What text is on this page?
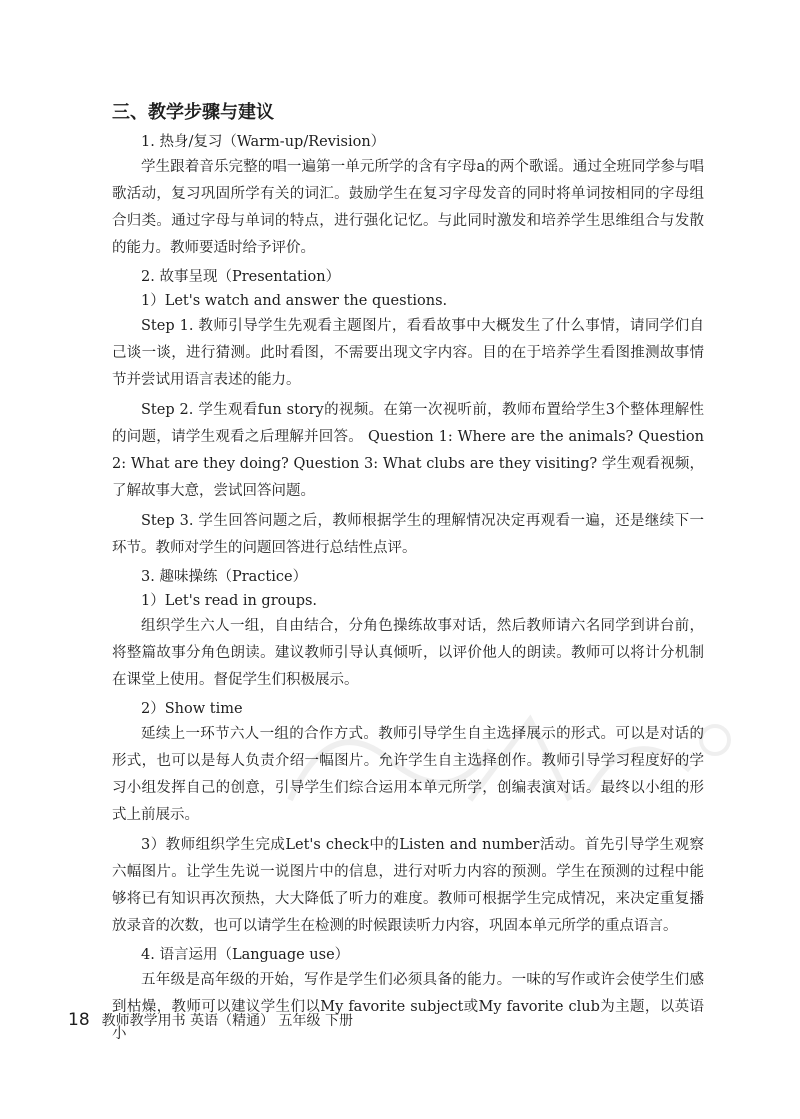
三、教学步骤与建议

1. 热身/复习（Warm-up/Revision）

学生跟着音乐完整的唱一遍第一单元所学的含有字母a的两个歌谣。通过全班同学参与唱歌活动，复习巩固所学有关的词汇。鼓励学生在复习字母发音的同时将单词按相同的字母组合归类。通过字母与单词的特点，进行强化记忆。与此同时激发和培养学生思维组合与发散的能力。教师要适时给予评价。

2. 故事呈现（Presentation）

1）Let's watch and answer the questions.

Step 1. 教师引导学生先观看主题图片，看看故事中大概发生了什么事情，请同学们自己谈一谈，进行猜测。此时看图，不需要出现文字内容。目的在于培养学生看图推测故事情节并尝试用语言表述的能力。

Step 2. 学生观看fun story的视频。在第一次视听前，教师布置给学生3个整体理解性的问题，请学生观看之后理解并回答。 Question 1: Where are the animals? Question 2: What are they doing? Question 3: What clubs are they visiting? 学生观看视频，了解故事大意，尝试回答问题。

Step 3. 学生回答问题之后，教师根据学生的理解情况决定再观看一遍，还是继续下一环节。教师对学生的问题回答进行总结性点评。

3. 趣味操练（Practice）

1）Let's read in groups.

组织学生六人一组，自由结合，分角色操练故事对话，然后教师请六名同学到讲台前，将整篇故事分角色朗读。建议教师引导认真倾听，以评价他人的朗读。教师可以将计分机制在课堂上使用。督促学生们积极展示。

2）Show time

延续上一环节六人一组的合作方式。教师引导学生自主选择展示的形式。可以是对话的形式，也可以是每人负责介绍一幅图片。允许学生自主选择创作。教师引导学习程度好的学习小组发挥自己的创意，引导学生们综合运用本单元所学，创编表演对话。最终以小组的形式上前展示。

3）教师组织学生完成Let's check中的Listen and number活动。首先引导学生观察六幅图片。让学生先说一说图片中的信息，进行对听力内容的预测。学生在预测的过程中能够将已有知识再次预热，大大降低了听力的难度。教师可根据学生完成情况，来决定重复播放录音的次数，也可以请学生在检测的时候跟读听力内容，巩固本单元所学的重点语言。

4. 语言运用（Language use）

五年级是高年级的开始，写作是学生们必须具备的能力。一味的写作或许会使学生们感到枯燥，教师可以建议学生们以My favorite subject或My favorite club为主题，以英语小

18 教师教学用书 英语（精通） 五年级 下册
